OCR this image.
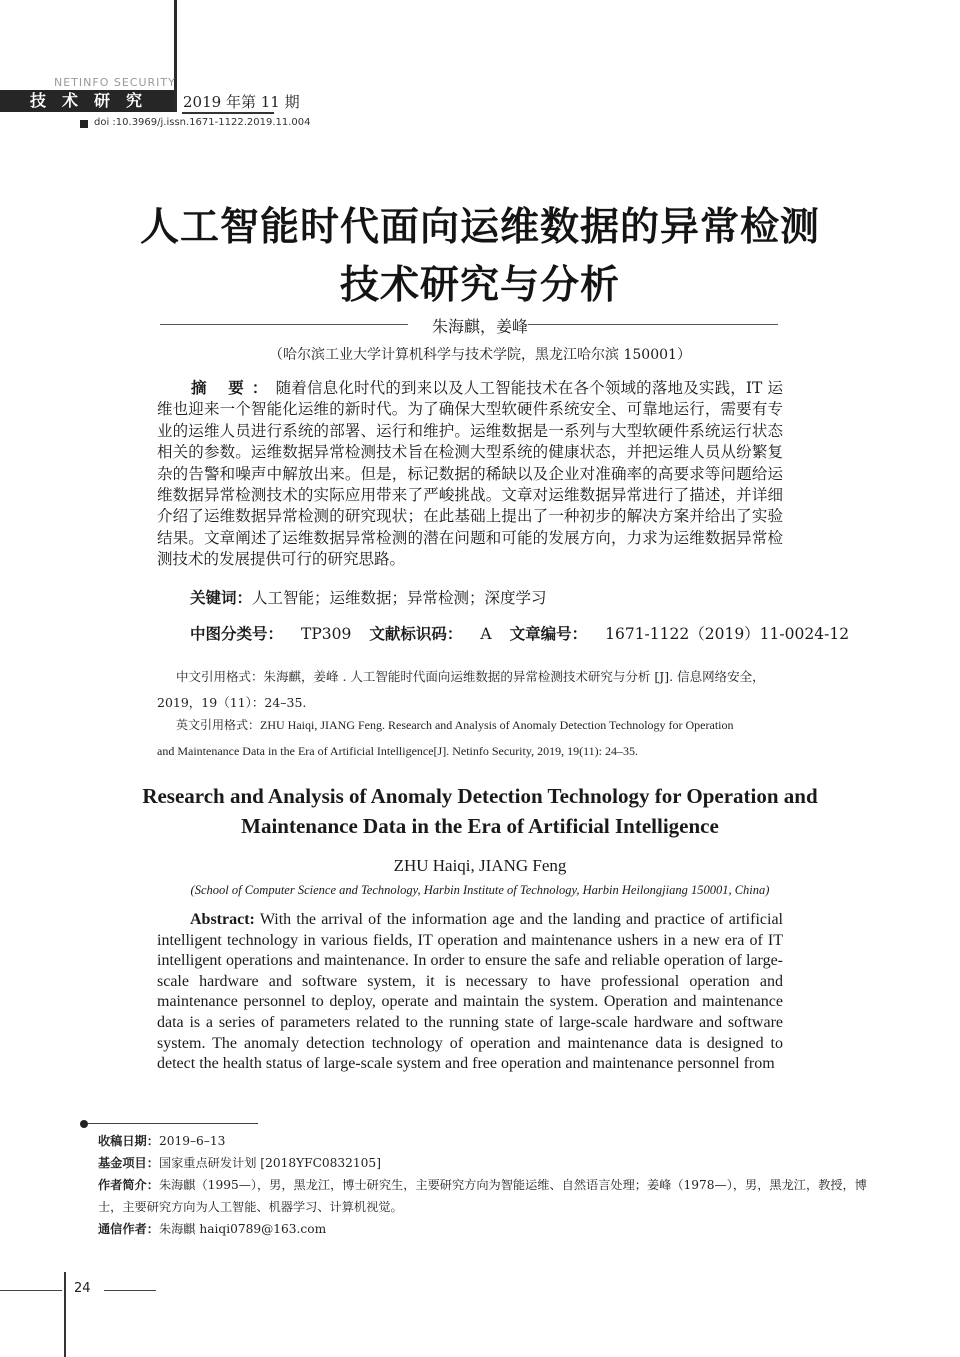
NETINFO SECURITY
技术研究 2019 年第 11 期
doi :10.3969/j.issn.1671-1122.2019.11.004
人工智能时代面向运维数据的异常检测
技术研究与分析
朱海麒，姜峰
（哈尔滨工业大学计算机科学与技术学院，黑龙江哈尔滨 150001）
摘 要：随着信息化时代的到来以及人工智能技术在各个领域的落地及实践，IT 运维也迎来一个智能化运维的新时代。为了确保大型软硬件系统安全、可靠地运行，需要有专业的运维人员进行系统的部署、运行和维护。运维数据是一系列与大型软硬件系统运行状态相关的参数。运维数据异常检测技术旨在检测大型系统的健康状态，并把运维人员从纷繁复杂的告警和噪声中解放出来。但是，标记数据的稀缺以及企业对准确率的高要求等问题给运维数据异常检测技术的实际应用带来了严峻挑战。文章对运维数据异常进行了描述，并详细介绍了运维数据异常检测的研究现状；在此基础上提出了一种初步的解决方案并给出了实验结果。文章阐述了运维数据异常检测的潜在问题和可能的发展方向，力求为运维数据异常检测技术的发展提供可行的研究思路。
关键词：人工智能；运维数据；异常检测；深度学习
中图分类号： TP309 文献标识码： A 文章编号： 1671-1122（2019）11-0024-12
中文引用格式：朱海麒，姜峰 . 人工智能时代面向运维数据的异常检测技术研究与分析 [J]. 信息网络安全，
2019，19（11）：24–35.
英文引用格式：ZHU Haiqi, JIANG Feng. Research and Analysis of Anomaly Detection Technology for Operation
and Maintenance Data in the Era of Artificial Intelligence[J]. Netinfo Security, 2019, 19(11): 24–35.
Research and Analysis of Anomaly Detection Technology for Operation and
Maintenance Data in the Era of Artificial Intelligence
ZHU Haiqi, JIANG Feng
(School of Computer Science and Technology, Harbin Institute of Technology, Harbin Heilongjiang 150001, China)
Abstract: With the arrival of the information age and the landing and practice of artificial intelligent technology in various fields, IT operation and maintenance ushers in a new era of IT intelligent operations and maintenance. In order to ensure the safe and reliable operation of large-scale hardware and software system, it is necessary to have professional operation and maintenance personnel to deploy, operate and maintain the system. Operation and maintenance data is a series of parameters related to the running state of large-scale hardware and software system. The anomaly detection technology of operation and maintenance data is designed to detect the health status of large-scale system and free operation and maintenance personnel from
收稿日期：2019–6–13
基金项目：国家重点研发计划 [2018YFC0832105]
作者简介：朱海麒（1995—），男，黑龙江，博士研究生，主要研究方向为智能运维、自然语言处理；姜峰（1978—），男，黑龙江，教授，博士，主要研究方向为人工智能、机器学习、计算机视觉。
通信作者：朱海麒 haiqi0789@163.com
24
